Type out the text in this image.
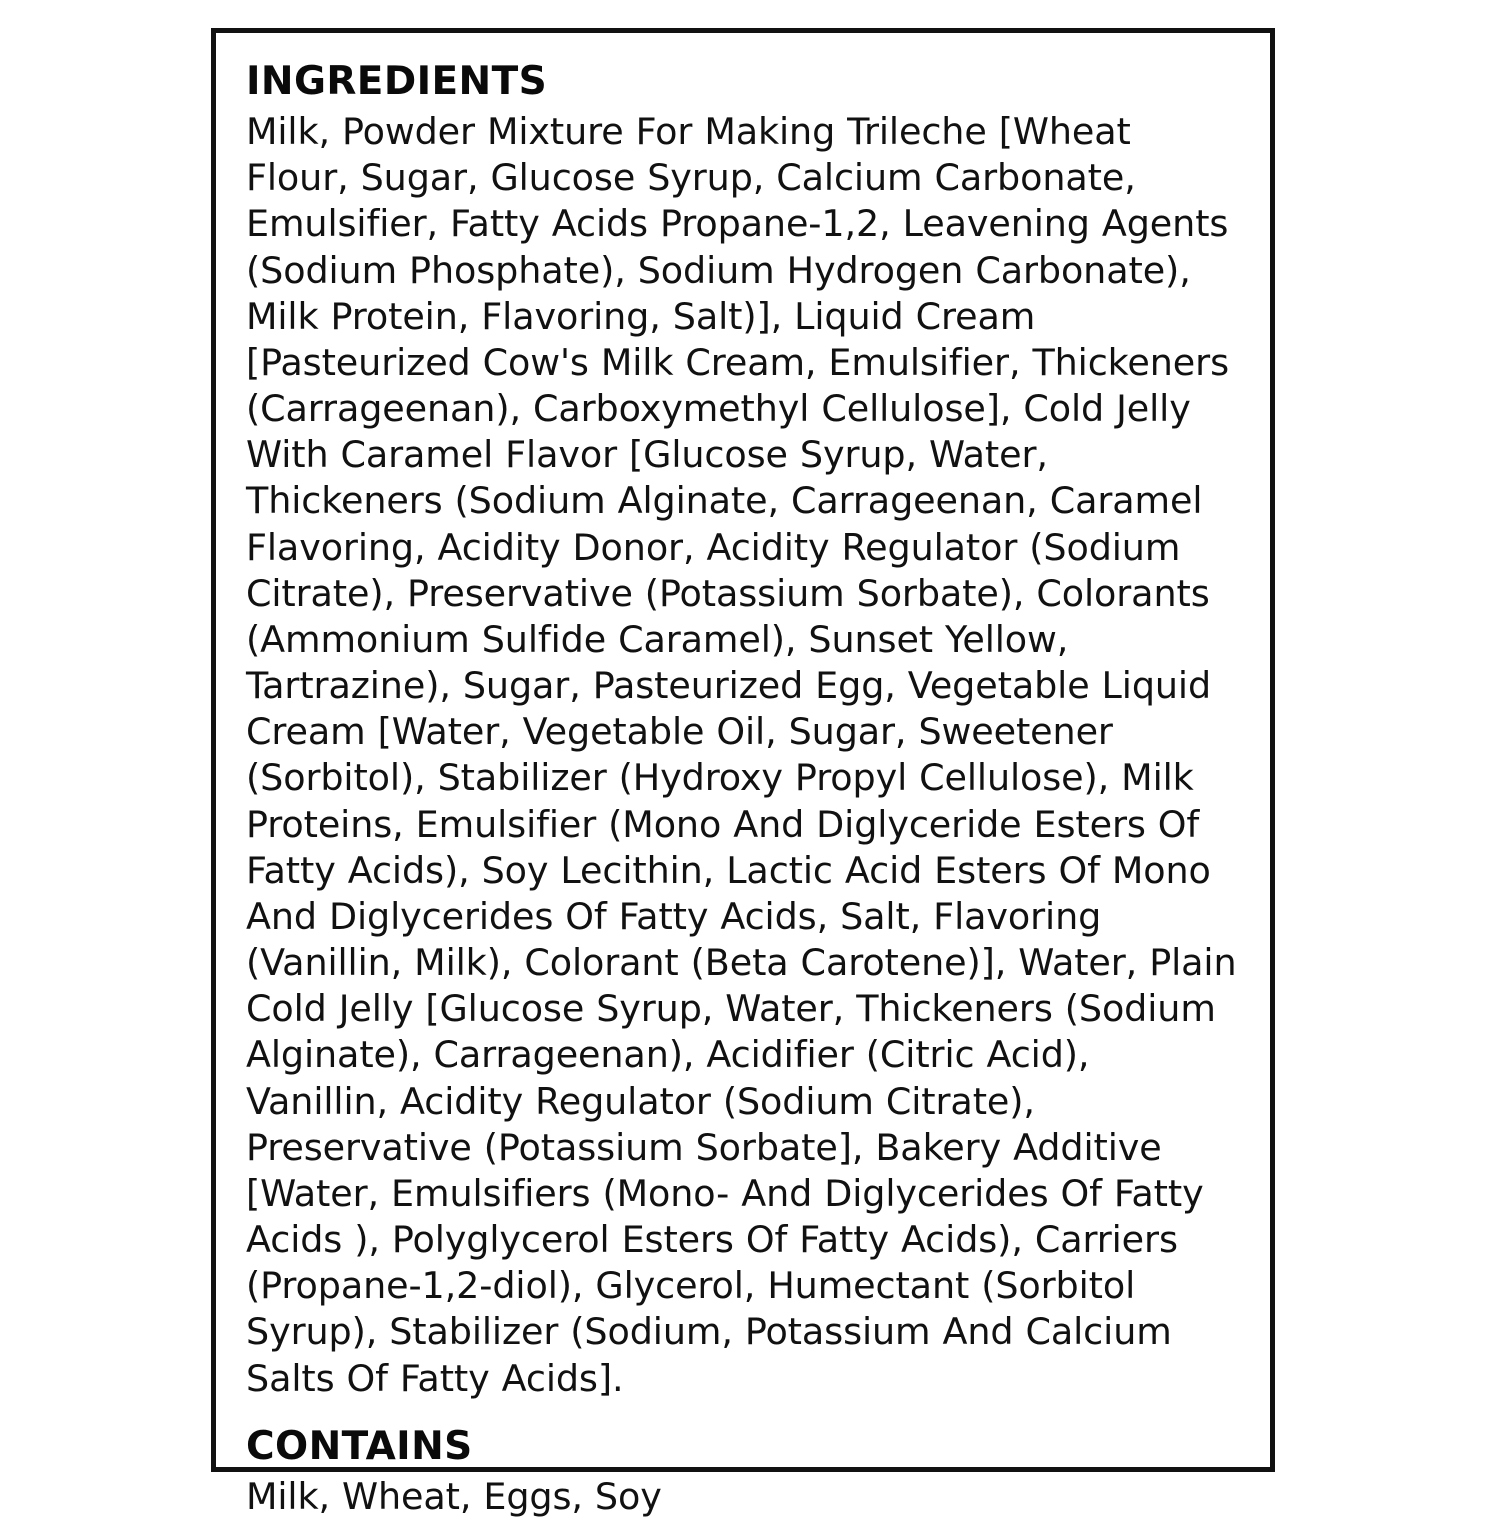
INGREDIENTS

Milk, Powder Mixture For Making Trileche [Wheat Flour, Sugar, Glucose Syrup, Calcium Carbonate, Emulsifier, Fatty Acids Propane-1,2, Leavening Agents (Sodium Phosphate), Sodium Hydrogen Carbonate), Milk Protein, Flavoring, Salt)], Liquid Cream [Pasteurized Cow's Milk Cream, Emulsifier, Thickeners (Carrageenan), Carboxymethyl Cellulose], Cold Jelly With Caramel Flavor [Glucose Syrup, Water, Thickeners (Sodium Alginate, Carrageenan, Caramel Flavoring, Acidity Donor, Acidity Regulator (Sodium Citrate), Preservative (Potassium Sorbate), Colorants (Ammonium Sulfide Caramel), Sunset Yellow, Tartrazine), Sugar, Pasteurized Egg, Vegetable Liquid Cream [Water, Vegetable Oil, Sugar, Sweetener (Sorbitol), Stabilizer (Hydroxy Propyl Cellulose), Milk Proteins, Emulsifier (Mono And Diglyceride Esters Of Fatty Acids), Soy Lecithin, Lactic Acid Esters Of Mono And Diglycerides Of Fatty Acids, Salt, Flavoring (Vanillin, Milk), Colorant (Beta Carotene)], Water, Plain Cold Jelly [Glucose Syrup, Water, Thickeners (Sodium Alginate), Carrageenan), Acidifier (Citric Acid), Vanillin, Acidity Regulator (Sodium Citrate), Preservative (Potassium Sorbate], Bakery Additive [Water, Emulsifiers (Mono- And Diglycerides Of Fatty Acids ), Polyglycerol Esters Of Fatty Acids), Carriers (Propane-1,2-diol), Glycerol, Humectant (Sorbitol Syrup), Stabilizer (Sodium, Potassium And Calcium Salts Of Fatty Acids].

CONTAINS

Milk, Wheat, Eggs, Soy
